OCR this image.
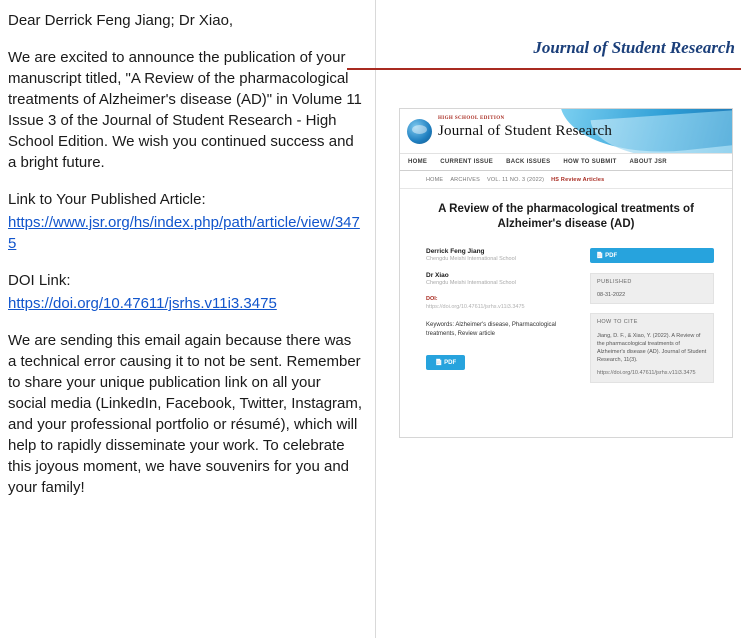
Dear Derrick Feng Jiang; Dr Xiao,

We are excited to announce the publication of your manuscript titled, "A Review of the pharmacological treatments of Alzheimer's disease (AD)" in Volume 11 Issue 3 of the Journal of Student Research - High School Edition. We wish you continued success and a bright future.

Link to Your Published Article:

https://www.jsr.org/hs/index.php/path/article/view/3475

DOI Link:

https://doi.org/10.47611/jsrhs.v11i3.3475

We are sending this email again because there was a technical error causing it to not be sent. Remember to share your unique publication link on all your social media (LinkedIn, Facebook, Twitter, Instagram, and your professional portfolio or résumé), which will help to rapidly disseminate your work. To celebrate this joyous moment, we have souvenirs for you and your family!

Journal of Student Research
HIGH SCHOOL EDITION
Journal of Student Research
HOME CURRENT ISSUE BACK ISSUES HOW TO SUBMIT ABOUT JSR
HOME ARCHIVES VOL. 11 NO. 3 (2022) HS Review Articles
A Review of the pharmacological treatments of Alzheimer's disease (AD)
Derrick Feng Jiang
Chengdu Meishi International School
Dr Xiao
Chengdu Meishi International School
DOI:
https://doi.org/10.47611/jsrhs.v11i3.3475
Keywords: Alzheimer's disease, Pharmacological treatments, Review article
📄 PDF
📄 PDF
PUBLISHED
08-31-2022
HOW TO CITE
Jiang, D. F., & Xiao, Y. (2022). A Review of the pharmacological treatments of Alzheimer's disease (AD). Journal of Student Research, 11(3).
https://doi.org/10.47611/jsrhs.v11i3.3475
